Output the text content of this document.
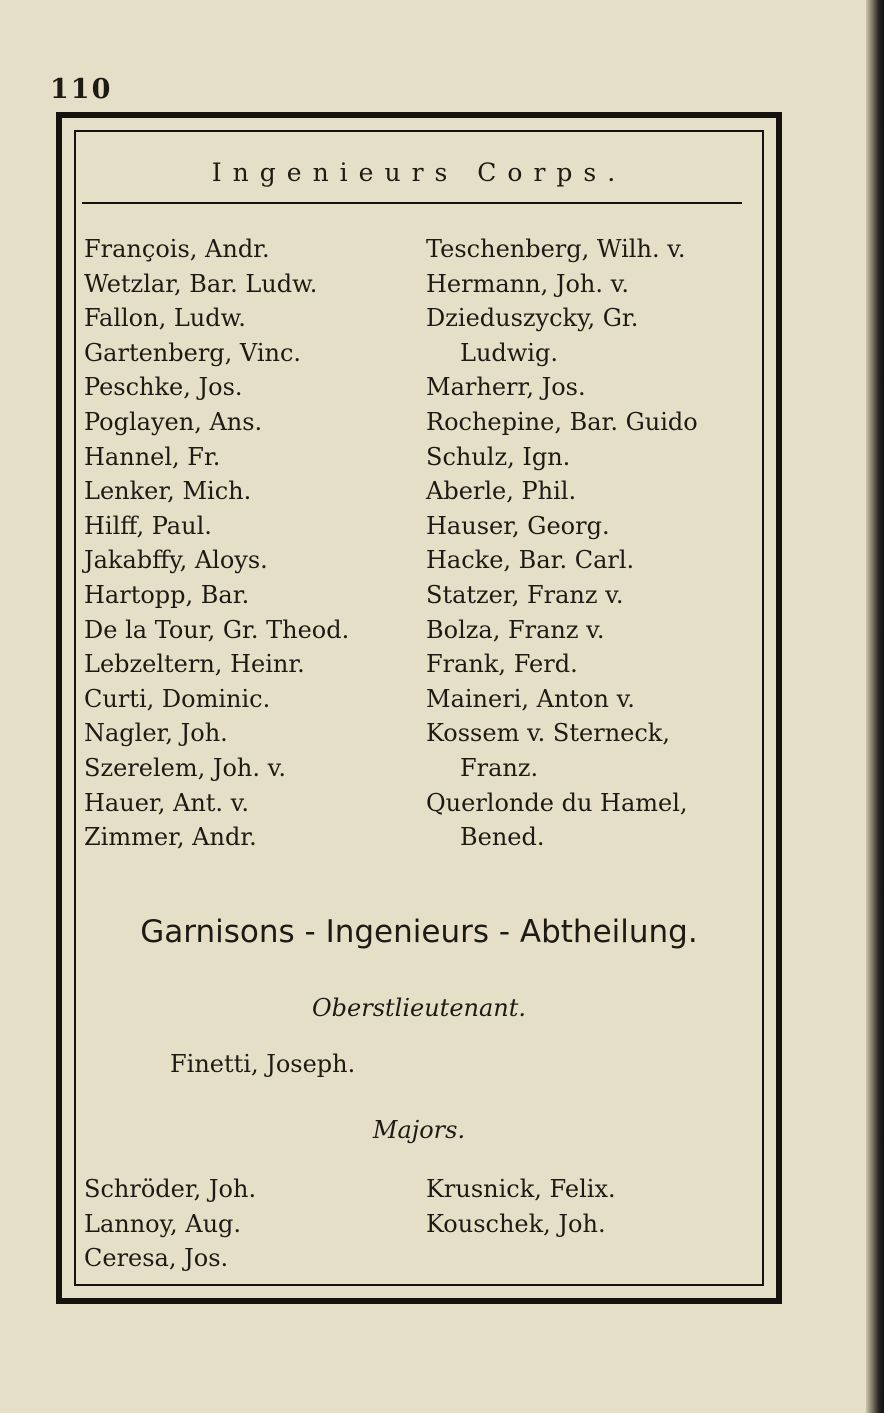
110
Ingenieurs Corps.
François, Andr.
Wetzlar, Bar. Ludw.
Fallon, Ludw.
Gartenberg, Vinc.
Peschke, Jos.
Poglayen, Ans.
Hannel, Fr.
Lenker, Mich.
Hilff, Paul.
Jakabffy, Aloys.
Hartopp, Bar.
De la Tour, Gr. Theod.
Lebzeltern, Heinr.
Curti, Dominic.
Nagler, Joh.
Szerelem, Joh. v.
Hauer, Ant. v.
Zimmer, Andr.
Teschenberg, Wilh. v.
Hermann, Joh. v.
Dzieduszycky, Gr.
Ludwig.
Marherr, Jos.
Rochepine, Bar. Guido
Schulz, Ign.
Aberle, Phil.
Hauser, Georg.
Hacke, Bar. Carl.
Statzer, Franz v.
Bolza, Franz v.
Frank, Ferd.
Maineri, Anton v.
Kossem v. Sterneck,
Franz.
Querlonde du Hamel,
Bened.
Garnisons - Ingenieurs - Abtheilung.
Oberstlieutenant.
Finetti, Joseph.
Majors.
Schröder, Joh.
Lannoy, Aug.
Ceresa, Jos.
Krusnick, Felix.
Kouschek, Joh.
